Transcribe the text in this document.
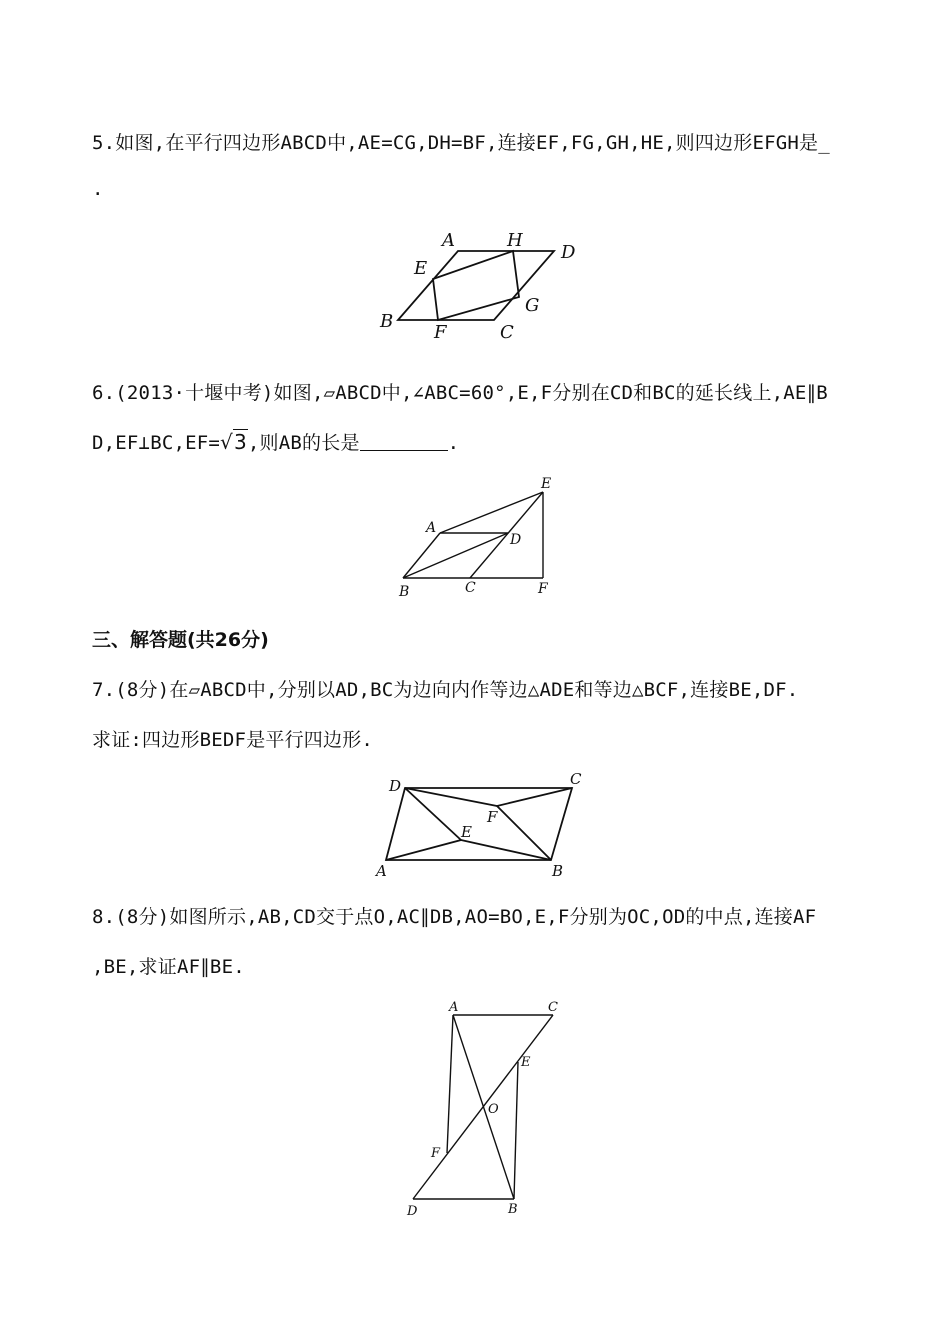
5.如图,在平行四边形ABCD中,AE=CG,DH=BF,连接EF,FG,GH,HE,则四边形EFGH是_
.
A	H
D
E
G
B
F	C
6.(2013·十堰中考)如图,▱ABCD中,∠ABC=60°,E,F分别在CD和BC的延长线上,AE∥B
D,EF⊥BC,EF=√3,则AB的长是	.
A
D
E
B	C	F
三、解答题(共26分)
7.(8分)在▱ABCD中,分别以AD,BC为边向内作等边△ADE和等边△BCF,连接BE,DF.
求证:四边形BEDF是平行四边形.
D	C
F
E
A	B
8.(8分)如图所示,AB,CD交于点O,AC∥DB,AO=BO,E,F分别为OC,OD的中点,连接AF
,BE,求证AF∥BE.
A	C
E
O
F
D	B
